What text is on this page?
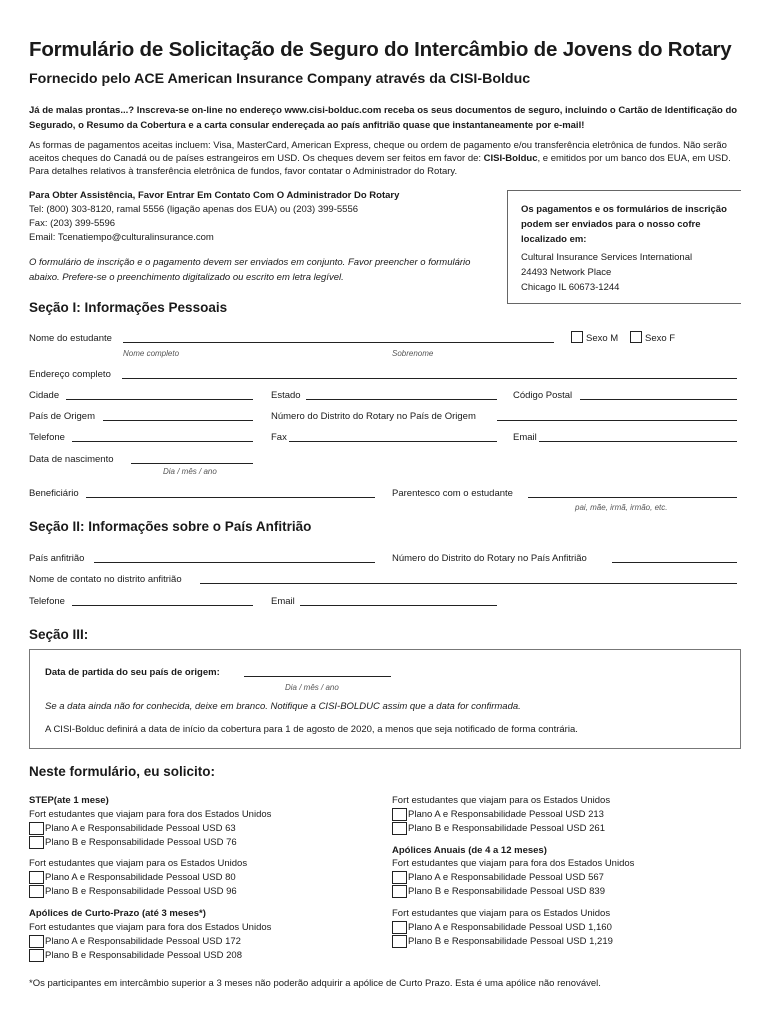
Formulário de Solicitação de Seguro do Intercâmbio de Jovens do Rotary
Fornecido pelo ACE American Insurance Company através da CISI-Bolduc
Já de malas prontas...? Inscreva-se on-line no endereço www.cisi-bolduc.com receba os seus documentos de seguro, incluindo o Cartão de Identificação do Segurado, o Resumo da Cobertura e a carta consular endereçada ao país anfitrião quase que instantaneamente por e-mail!
As formas de pagamentos aceitas incluem: Visa, MasterCard, American Express, cheque ou ordem de pagamento e/ou transferência eletrônica de fundos. Não serão aceitos cheques do Canadá ou de países estrangeiros em USD. Os cheques devem ser feitos em favor de: CISI-Bolduc, e emitidos por um banco dos EUA, em USD. Para detalhes relativos à transferência eletrônica de fundos, favor contatar o Administrador do Rotary.
Para Obter Assistência, Favor Entrar Em Contato Com O Administrador Do Rotary
Tel: (800) 303-8120, ramal 5556 (ligação apenas dos EUA) ou (203) 399-5556
Fax: (203) 399-5596
Email: Tcenatiempo@culturalinsurance.com
O formulário de inscrição e o pagamento devem ser enviados em conjunto. Favor preencher o formulário abaixo. Prefere-se o preenchimento digitalizado ou escrito em letra legível.
Os pagamentos e os formulários de inscrição podem ser enviados para o nosso cofre localizado em:
Cultural Insurance Services International
24493 Network Place
Chicago IL 60673-1244
Seção I: Informações Pessoais
Nome do estudante	Sexo M	Sexo F
Nome completo	Sobrenome
Endereço completo
Cidade	Estado	Código Postal
País de Origem	Número do Distrito do Rotary no País de Origem
Telefone	Fax	Email
Data de nascimento
Dia / mês / ano
Beneficiário	Parentesco com o estudante
pai, mãe, irmã, irmão, etc.
Seção II: Informações sobre o País Anfitrião
País anfitrião	Número do Distrito do Rotary no País Anfitrião
Nome de contato no distrito anfitrião
Telefone	Email
Seção III:
Data de partida do seu país de origem:
Dia / mês / ano
Se a data ainda não for conhecida, deixe em branco. Notifique a CISI-BOLDUC assim que a data for confirmada.
A CISI-Bolduc definirá a data de início da cobertura para 1 de agosto de 2020, a menos que seja notificado de forma contrária.
Neste formulário, eu solicito:
STEP(ate 1 mese)
Fort estudantes que viajam para fora dos Estados Unidos
Plano A e Responsabilidade Pessoal USD 63
Plano B e Responsabilidade Pessoal USD 76
Fort estudantes que viajam para os Estados Unidos
Plano A e Responsabilidade Pessoal USD 80
Plano B e Responsabilidade Pessoal USD 96
Apólices de Curto-Prazo (até 3 meses*)
Fort estudantes que viajam para fora dos Estados Unidos
Plano A e Responsabilidade Pessoal USD 172
Plano B e Responsabilidade Pessoal USD 208
Fort estudantes que viajam para os Estados Unidos
Plano A e Responsabilidade Pessoal USD 213
Plano B e Responsabilidade Pessoal USD 261
Apólices Anuais (de 4 a 12 meses)
Fort estudantes que viajam para fora dos Estados Unidos
Plano A e Responsabilidade Pessoal USD 567
Plano B e Responsabilidade Pessoal USD 839
Fort estudantes que viajam para os Estados Unidos
Plano A e Responsabilidade Pessoal USD 1,160
Plano B e Responsabilidade Pessoal USD 1,219
*Os participantes em intercâmbio superior a 3 meses não poderão adquirir a apólice de Curto Prazo. Esta é uma apólice não renovável.
